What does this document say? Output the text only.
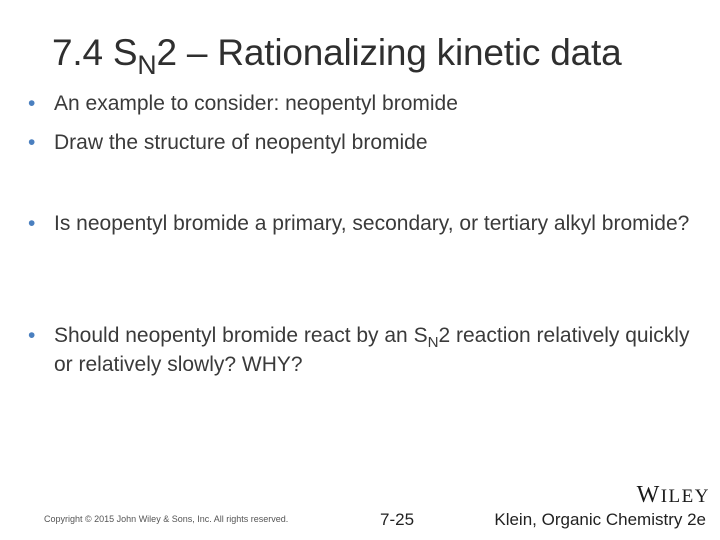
7.4 $S_N2$ – Rationalizing kinetic data
• An example to consider: neopentyl bromide
• Draw the structure of neopentyl bromide
• Is neopentyl bromide a primary, secondary, or tertiary alkyl bromide?
• Should neopentyl bromide react by an $S_N2$ reaction relatively quickly or relatively slowly? WHY?
WILEY
Copyright © 2015 John Wiley & Sons, Inc. All rights reserved.	7-25	Klein, Organic Chemistry 2e
